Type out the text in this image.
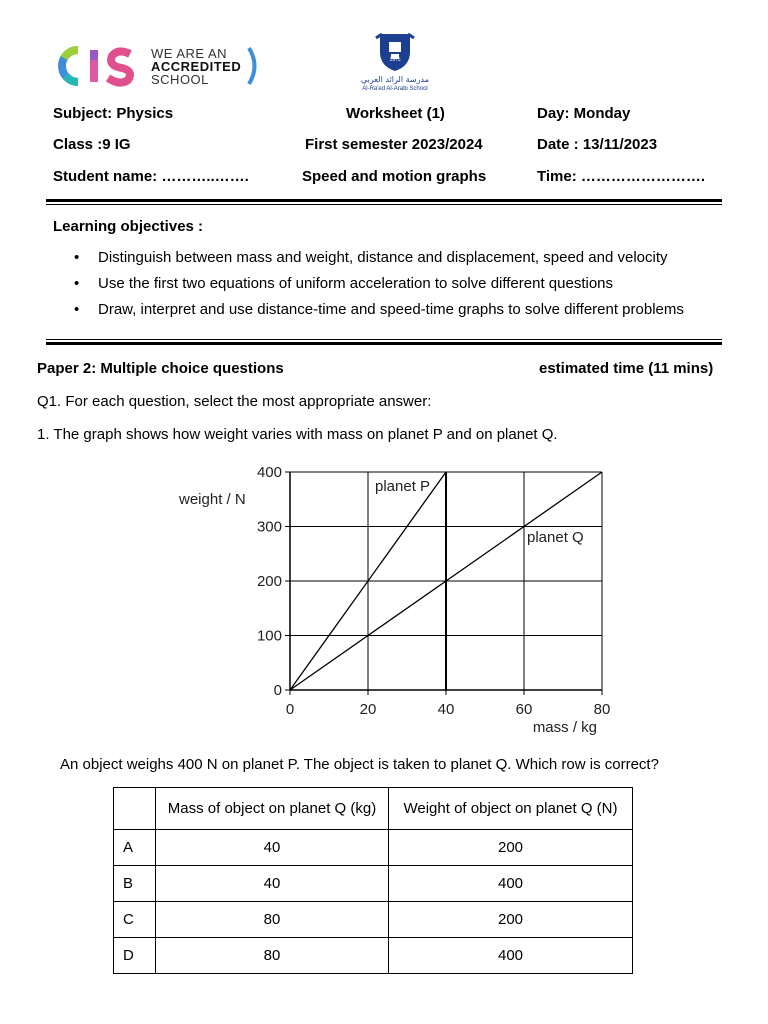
WE ARE AN
ACCREDITED
SCHOOL
1975
مدرسة الرائد العربي
Al-Ra'ed Al-Arabi School
Subject: Physics	Worksheet (1)	Day: Monday
Class :9 IG	First semester 2023/2024	Date : 13/11/2023
Student name: ………..…….	Speed and motion graphs	Time: …………………….
Learning objectives :
• Distinguish between mass and weight, distance and displacement, speed and velocity
• Use the first two equations of uniform acceleration to solve different questions
• Draw, interpret and use distance-time and speed-time graphs to solve different problems
Paper 2: Multiple choice questions	estimated time (11 mins)
Q1. For each question, select the most appropriate answer:
1. The graph shows how weight varies with mass on planet P and on planet Q.
0	20	40	60	80
0
100
200
300
400
weight / N
mass / kg
planet P
planet Q
An object weighs 400 N on planet P. The object is taken to planet Q. Which row is correct?
	Mass of object on planet Q (kg)	Weight of object on planet Q (N)
A	40	200
B	40	400
C	80	200
D	80	400
